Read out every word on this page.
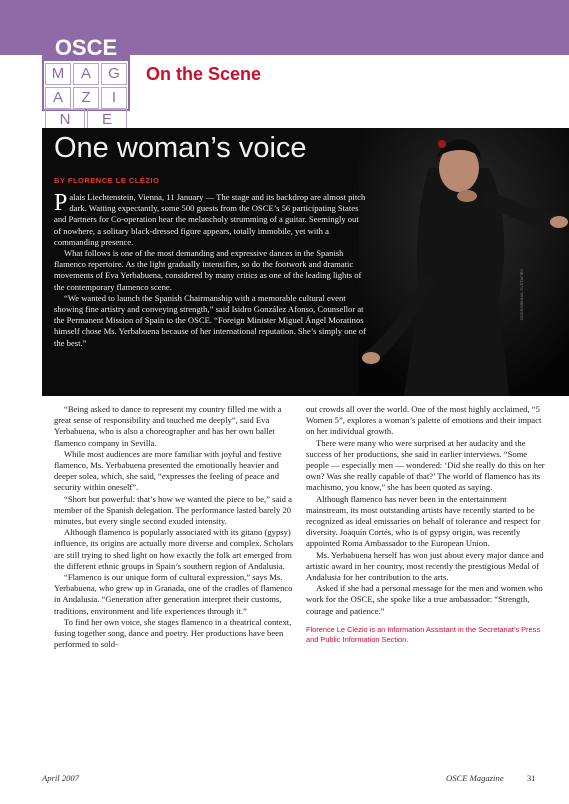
OSCE
M	A	G
A	Z	I
N	E
On the Scene
One woman’s voice
BY FLORENCE LE CLÉZIO

Palais Liechtenstein, Vienna, 11 January — The stage and its backdrop are almost pitch dark. Waiting expectantly, some 500 guests from the OSCE’s 56 participating States and Partners for Co-operation hear the melancholy strumming of a guitar. Seemingly out of nowhere, a solitary black-dressed figure appears, totally immobile, yet with a commanding presence.

What follows is one of the most demanding and expressive dances in the Spanish flamenco repertoire. As the light gradually intensifies, so do the footwork and dramatic movements of Eva Yerbabuena, considered by many critics as one of the leading lights of the contemporary flamenco scene.

“We wanted to launch the Spanish Chairmanship with a memorable cultural event showing fine artistry and conveying strength,” said Isidro González Afonso, Counsellor at the Permanent Mission of Spain to the OSCE. “Foreign Minister Miguel Ángel Moratinos himself chose Ms. Yerbabuena because of her international reputation. She’s simply one of the best.”

OSCE/MIKHAIL EVSTAFIEV

“Being asked to dance to represent my country filled me with a great sense of responsibility and touched me deeply”, said Eva Yerbabuena, who is also a choreographer and has her own ballet flamenco company in Sevilla.

While most audiences are more familiar with joyful and festive flamenco, Ms. Yerbabuena presented the emotionally heavier and deeper solea, which, she said, “expresses the feeling of peace and security within oneself”.

“Short but powerful: that’s how we wanted the piece to be,” said a member of the Spanish delegation. The performance lasted barely 20 minutes, but every single second exuded intensity.

Although flamenco is popularly associated with its gitano (gypsy) influence, its origins are actually more diverse and complex. Scholars are still trying to shed light on how exactly the folk art emerged from the different ethnic groups in Spain’s southern region of Andalusia.

“Flamenco is our unique form of cultural expression,” says Ms. Yerbabuena, who grew up in Granada, one of the cradles of flamenco in Andalusia. “Generation after generation interpret their customs, traditions, environment and life experiences through it.”

To find her own voice, she stages flamenco in a theatrical context, fusing together song, dance and poetry. Her productions have been performed to sold-

out crowds all over the world. One of the most highly acclaimed, “5 Women 5”, explores a woman’s palette of emotions and their impact on her individual growth.

There were many who were surprised at her audacity and the success of her productions, she said in earlier interviews. “Some people — especially men — wondered: ‘Did she really do this on her own? Was she really capable of that?’ The world of flamenco has its machismo, you know,” she has been quoted as saying.

Although flamenco has never been in the entertainment mainstream, its most outstanding artists have recently started to be recognized as ideal emissaries on behalf of tolerance and respect for diversity. Joaquín Cortés, who is of gypsy origin, was recently appointed Roma Ambassador to the European Union.

Ms. Yerbabuena herself has won just about every major dance and artistic award in her country, most recently the prestigious Medal of Andalusia for her contribution to the arts.

Asked if she had a personal message for the men and women who work for the OSCE, she spoke like a true ambassador: “Strength, courage and patience.”

Florence Le Clézio is an Information Assistant in the Secretariat’s Press and Public Information Section.

April 2007	OSCE Magazine	31
